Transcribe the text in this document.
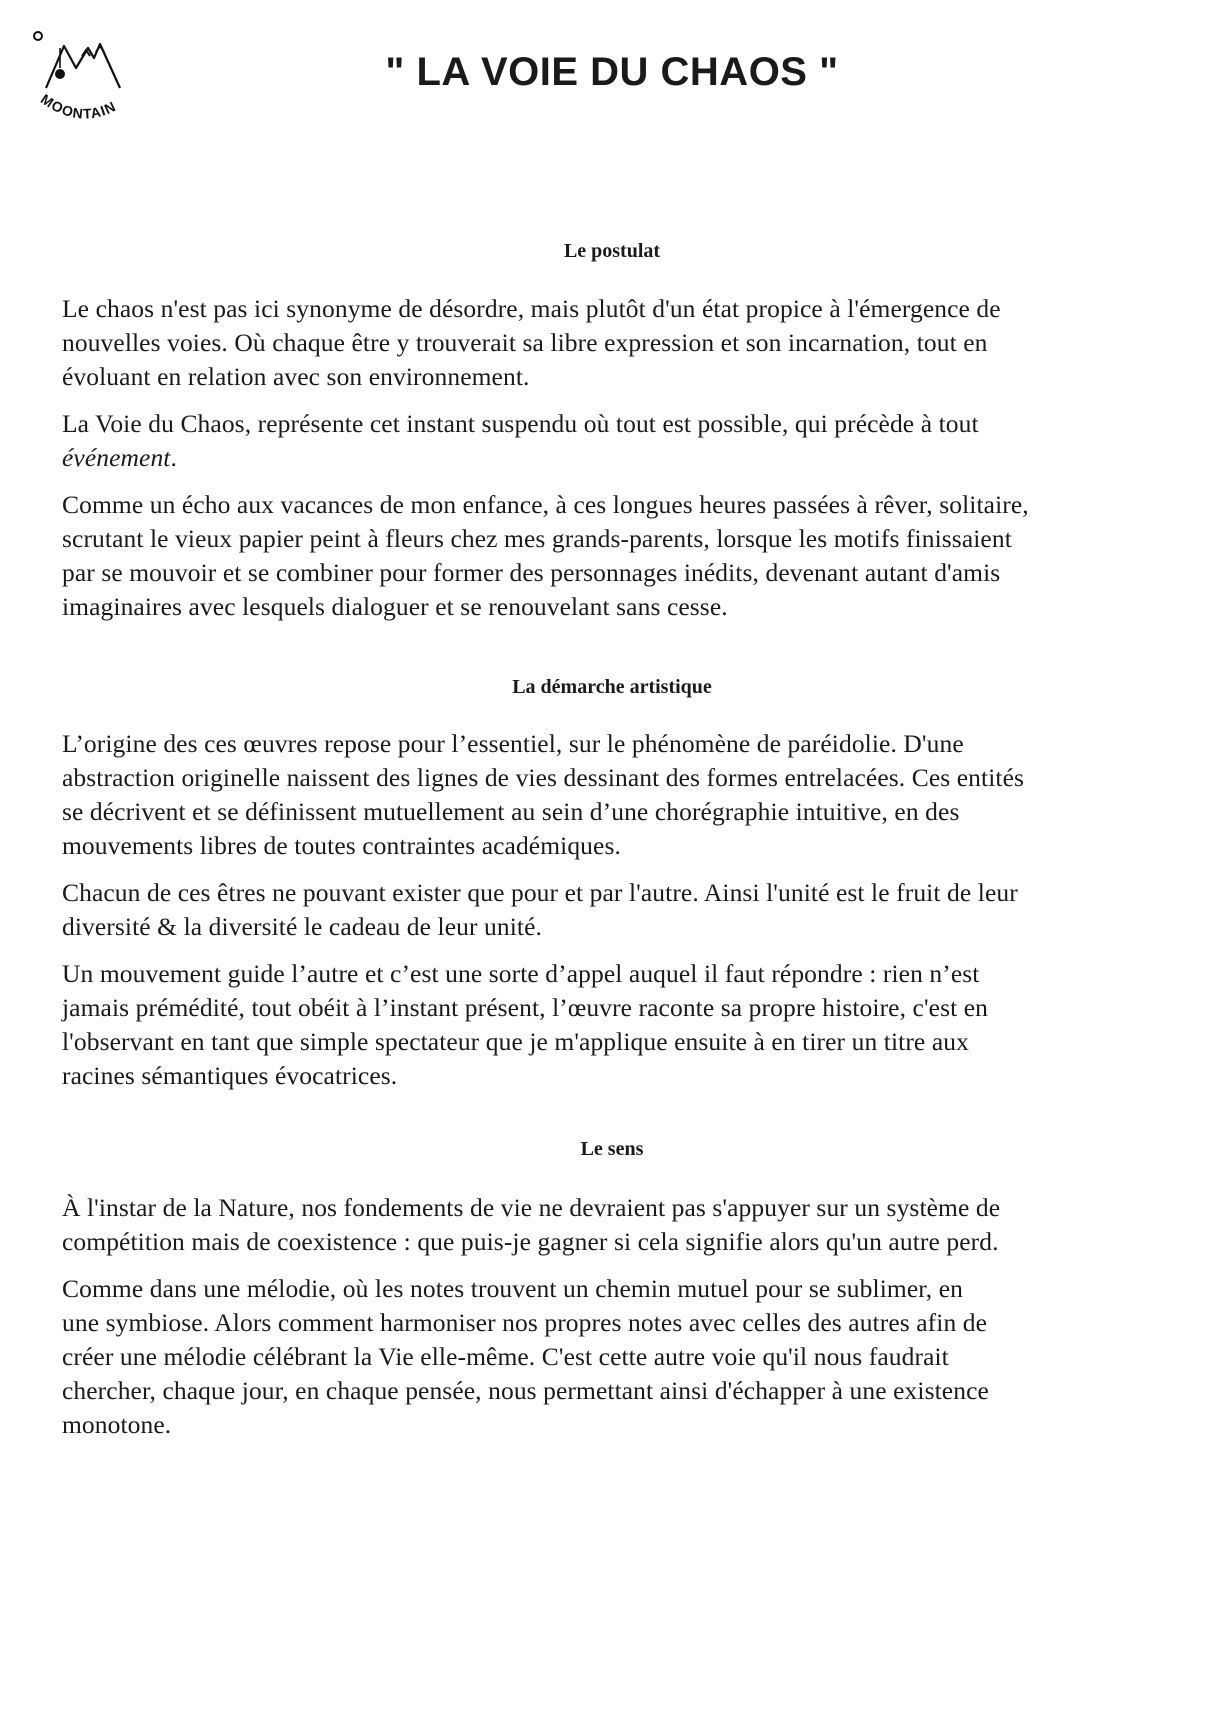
MOONTAIN
" LA VOIE DU CHAOS "
Le postulat

Le chaos n'est pas ici synonyme de désordre, mais plutôt d'un état propice à l'émergence de
nouvelles voies. Où chaque être y trouverait sa libre expression et son incarnation, tout en
évoluant en relation avec son environnement.

La Voie du Chaos, représente cet instant suspendu où tout est possible, qui précède à tout
événement.

Comme un écho aux vacances de mon enfance, à ces longues heures passées à rêver, solitaire,
scrutant le vieux papier peint à fleurs chez mes grands-parents, lorsque les motifs finissaient
par se mouvoir et se combiner pour former des personnages inédits, devenant autant d'amis
imaginaires avec lesquels dialoguer et se renouvelant sans cesse.

La démarche artistique

L’origine des ces œuvres repose pour l’essentiel, sur le phénomène de paréidolie. D'une
abstraction originelle naissent des lignes de vies dessinant des formes entrelacées. Ces entités
se décrivent et se définissent mutuellement au sein d’une chorégraphie intuitive, en des
mouvements libres de toutes contraintes académiques.

Chacun de ces êtres ne pouvant exister que pour et par l'autre. Ainsi l'unité est le fruit de leur
diversité & la diversité le cadeau de leur unité.

Un mouvement guide l’autre et c’est une sorte d’appel auquel il faut répondre : rien n’est
jamais prémédité, tout obéit à l’instant présent, l’œuvre raconte sa propre histoire, c'est en
l'observant en tant que simple spectateur que je m'applique ensuite à en tirer un titre aux
racines sémantiques évocatrices.

Le sens

À l'instar de la Nature, nos fondements de vie ne devraient pas s'appuyer sur un système de
compétition mais de coexistence : que puis-je gagner si cela signifie alors qu'un autre perd.

Comme dans une mélodie, où les notes trouvent un chemin mutuel pour se sublimer, en
une symbiose. Alors comment harmoniser nos propres notes avec celles des autres afin de
créer une mélodie célébrant la Vie elle-même. C'est cette autre voie qu'il nous faudrait
chercher, chaque jour, en chaque pensée, nous permettant ainsi d'échapper à une existence
monotone.
